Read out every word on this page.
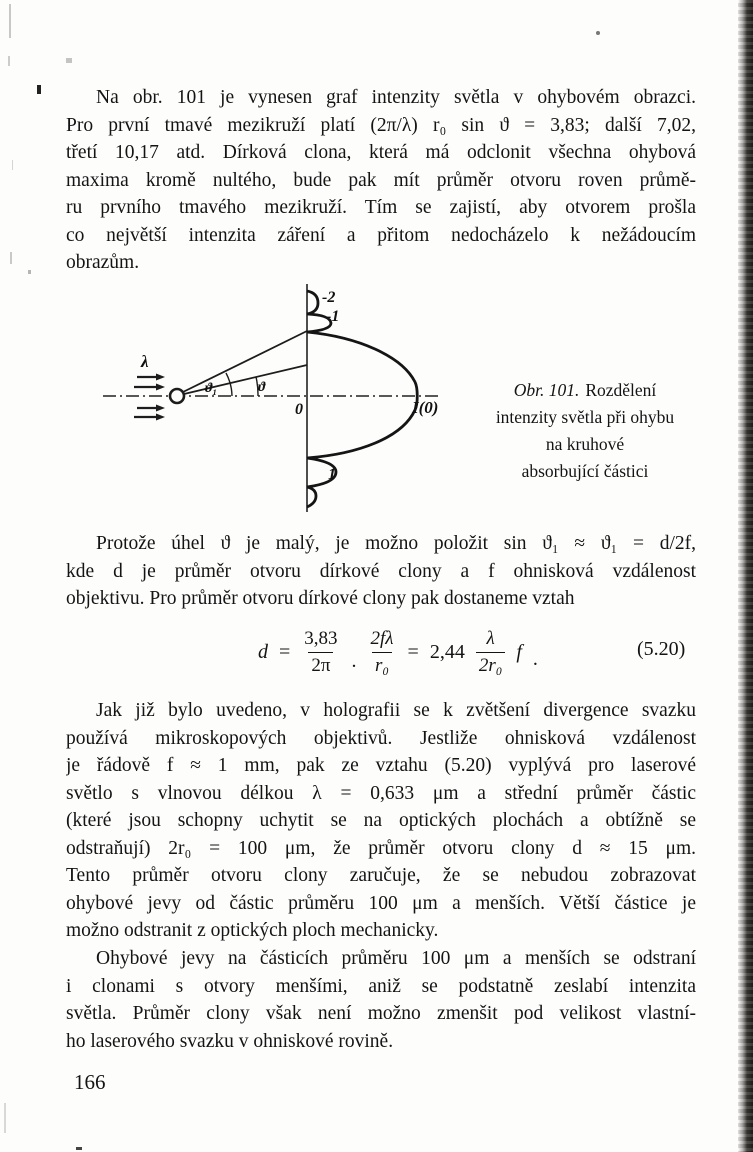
Na obr. 101 je vynesen graf intenzity světla v ohybovém obrazci.
Pro první tmavé mezikruží platí (2π/λ) r₀ sin ϑ = 3,83; další 7,02,
třetí 10,17 atd. Dírková clona, která má odclonit všechna ohybová
maxima kromě nultého, bude pak mít průměr otvoru roven průmě-
ru prvního tmavého mezikruží. Tím se zajistí, aby otvorem prošla
co největší intenzita záření a přitom nedocházelo k nežádoucím
obrazům.
-2
-1
0
1
I(0)
λ
ϑ₁	ϑ	Obr. 101. Rozdělení
intenzity světla při ohybu
na kruhové
absorbující částici
Protože úhel ϑ je malý, je možno položit sin ϑ₁ ≈ ϑ₁ = d/2f,
kde d je průměr otvoru dírkové clony a f ohnisková vzdálenost
objektivu. Pro průměr otvoru dírkové clony pak dostaneme vztah
$d = \frac{3,83}{2\pi}$ . $\frac{2f\lambda}{\text{r₀}} = 2,44 \frac{\lambda}{\text{2r₀}}$ f .	(5.20)
Jak již bylo uvedeno, v holografii se k zvětšení divergence svazku
používá mikroskopových objektivů. Jestliže ohnisková vzdálenost
je řádově f ≈ 1 mm, pak ze vztahu (5.20) vyplývá pro laserové
světlo s vlnovou délkou λ = 0,633 μm a střední průměr částic
(které jsou schopny uchytit se na optických plochách a obtížně se
odstraňují) 2r₀ = 100 μm, že průměr otvoru clony d ≈ 15 μm.
Tento průměr otvoru clony zaručuje, že se nebudou zobrazovat
ohybové jevy od částic průměru 100 μm a menších. Větší částice je
možno odstranit z optických ploch mechanicky.
Ohybové jevy na částicích průměru 100 μm a menších se odstraní
i clonami s otvory menšími, aniž se podstatně zeslabí intenzita
světla. Průměr clony však není možno zmenšit pod velikost vlastní-
ho laserového svazku v ohniskové rovině.
166
